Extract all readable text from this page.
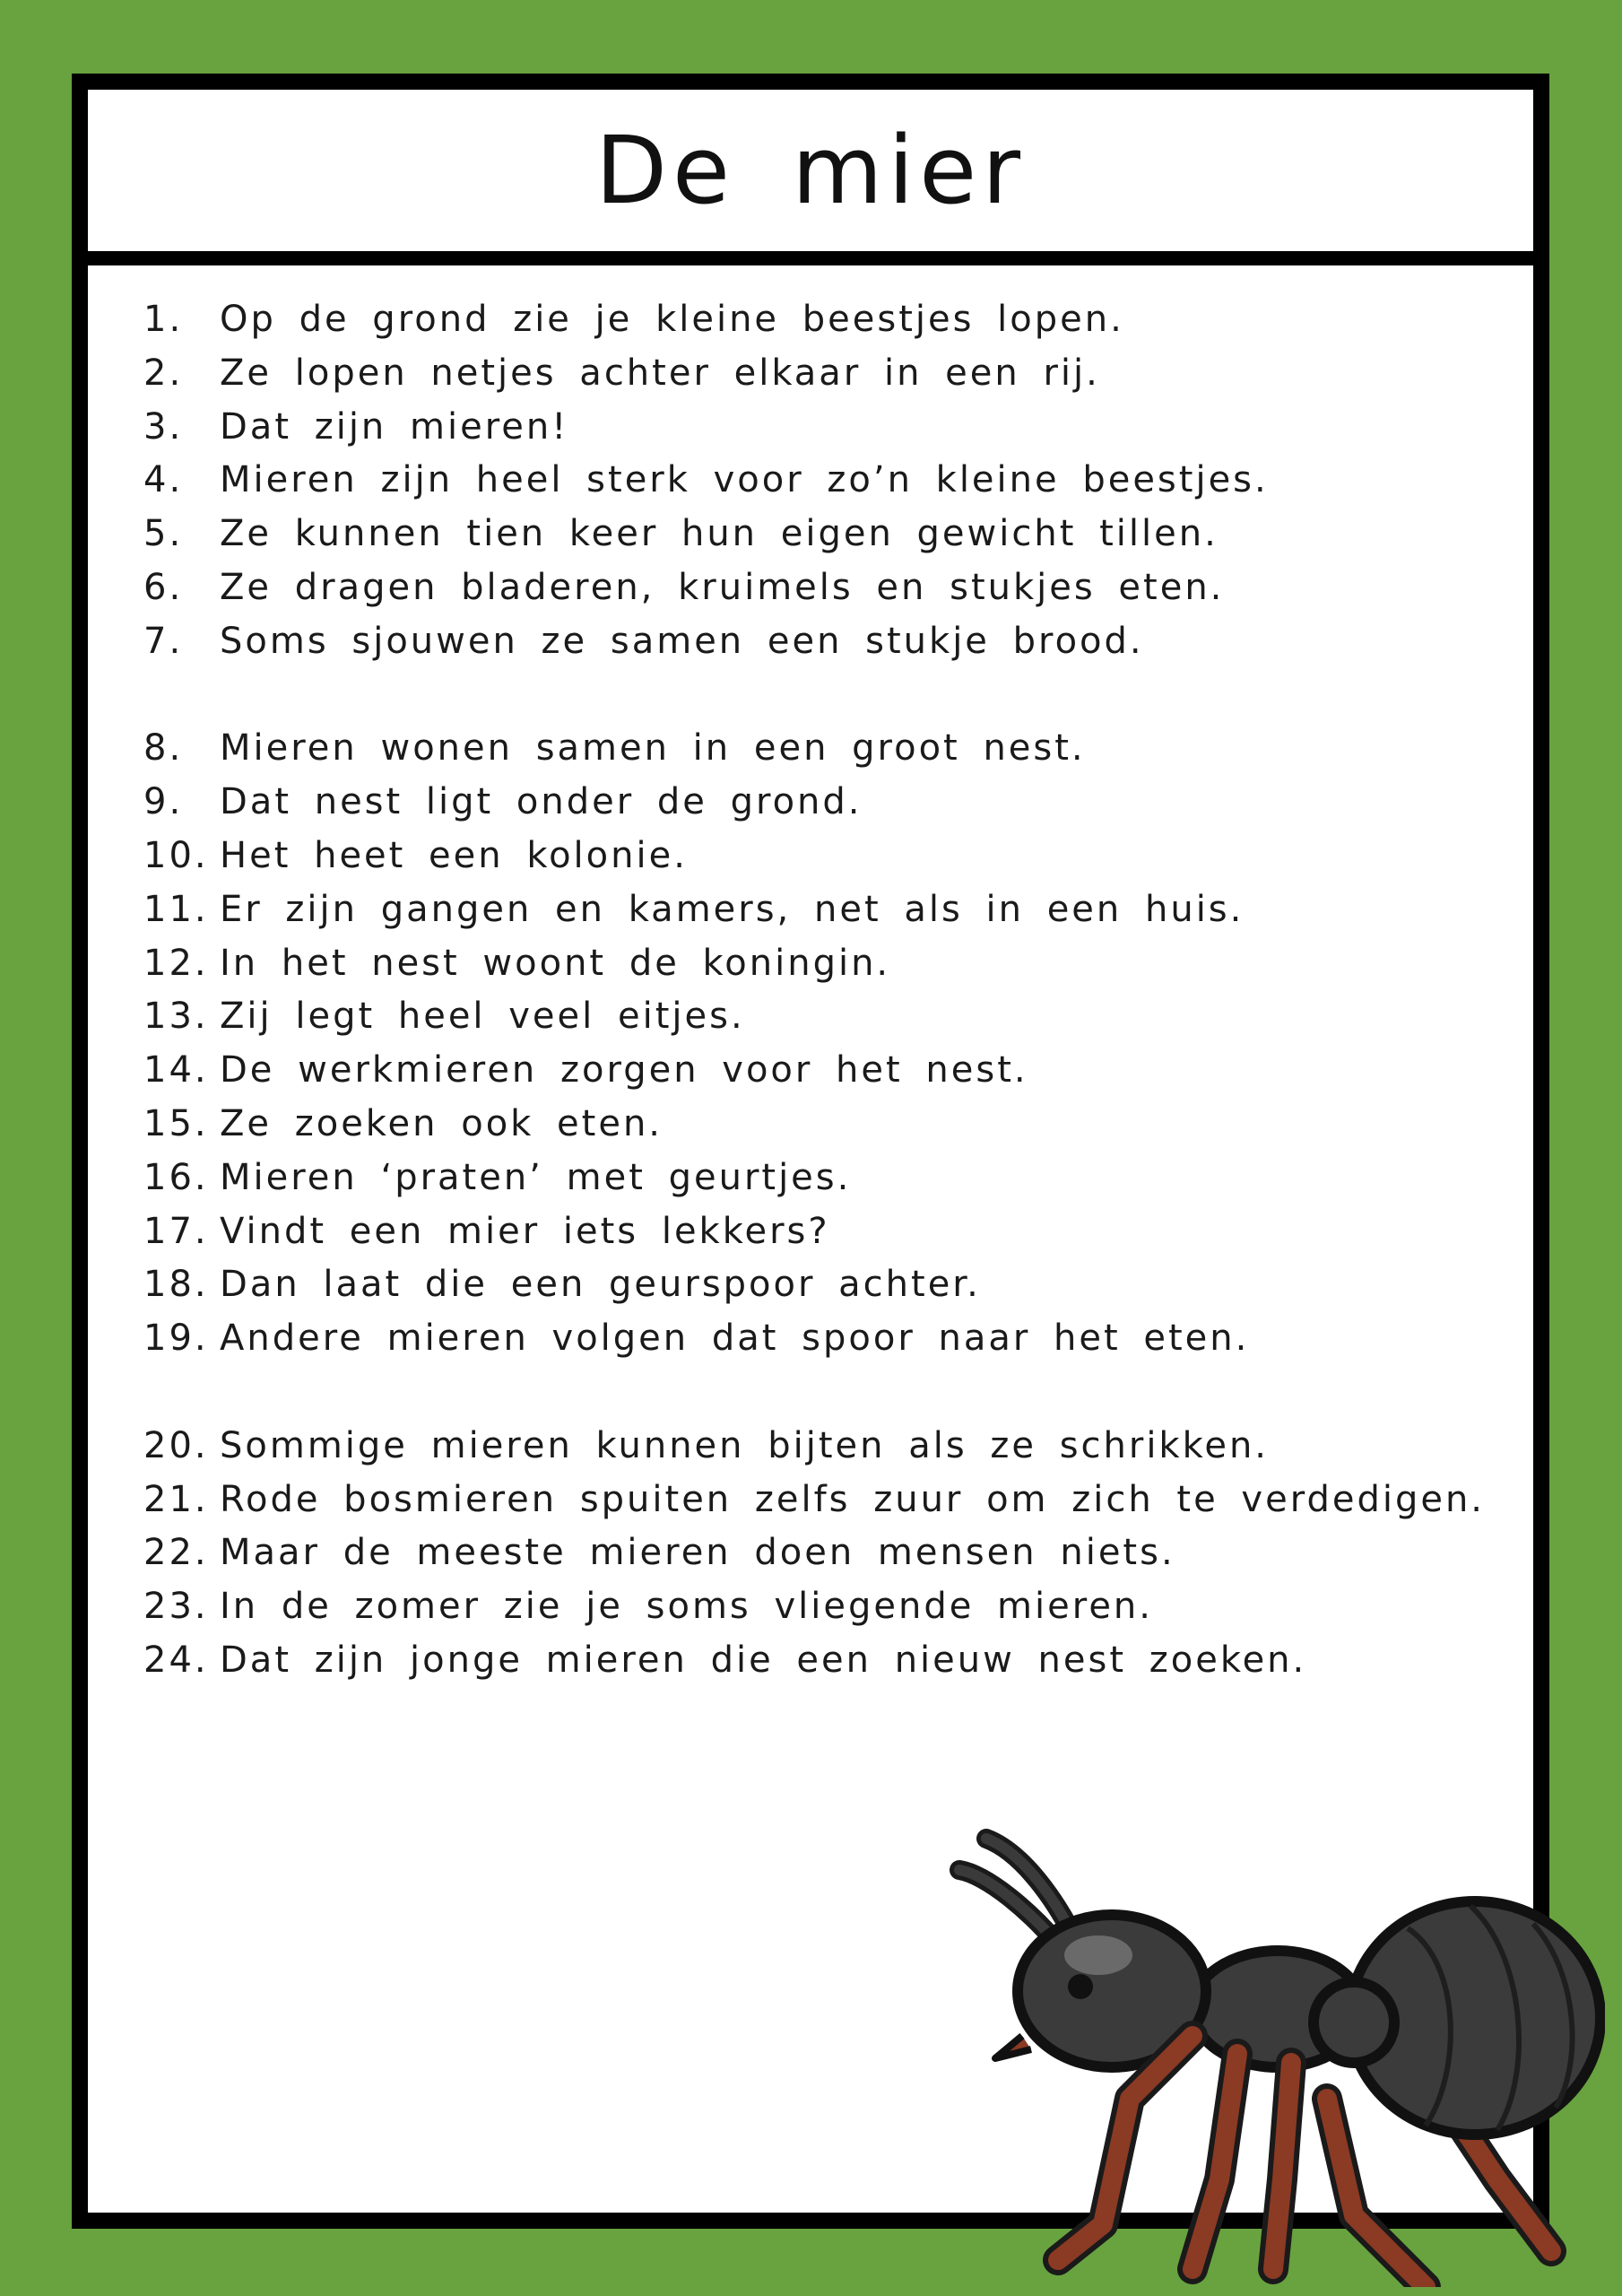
De mier
1.	Op de grond zie je kleine beestjes lopen.
2.	Ze lopen netjes achter elkaar in een rij.
3.	Dat zijn mieren!
4.	Mieren zijn heel sterk voor zo’n kleine beestjes.
5.	Ze kunnen tien keer hun eigen gewicht tillen.
6.	Ze dragen bladeren, kruimels en stukjes eten.
7.	Soms sjouwen ze samen een stukje brood.
8.	Mieren wonen samen in een groot nest.
9.	Dat nest ligt onder de grond.
10. Het heet een kolonie.
11. Er zijn gangen en kamers, net als in een huis.
12. In het nest woont de koningin.
13. Zij legt heel veel eitjes.
14. De werkmieren zorgen voor het nest.
15. Ze zoeken ook eten.
16. Mieren ‘praten’ met geurtjes.
17. Vindt een mier iets lekkers?
18. Dan laat die een geurspoor achter.
19. Andere mieren volgen dat spoor naar het eten.
20. Sommige mieren kunnen bijten als ze schrikken.
21. Rode bosmieren spuiten zelfs zuur om zich te verdedigen.
22. Maar de meeste mieren doen mensen niets.
23. In de zomer zie je soms vliegende mieren.
24. Dat zijn jonge mieren die een nieuw nest zoeken.
